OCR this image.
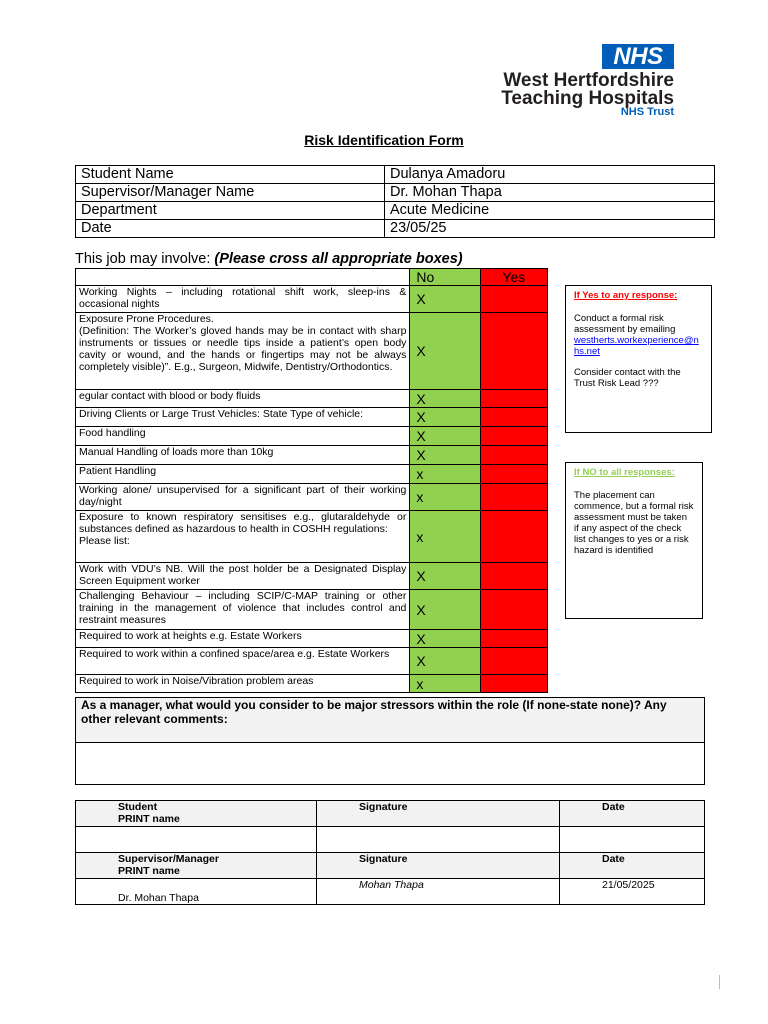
NHS
West Hertfordshire
Teaching Hospitals
NHS Trust
Risk Identification Form
Student Name	Dulanya Amadoru
Supervisor/Manager Name	Dr. Mohan Thapa
Department	Acute Medicine
Date	23/05/25
This job may involve: (Please cross all appropriate boxes)
	No	Yes
Working Nights – including rotational shift work, sleep-ins & occasional nights	X	
Exposure Prone Procedures.
(Definition: The Worker’s gloved hands may be in contact with sharp instruments or tissues or needle tips inside a patient’s open body cavity or wound, and the hands or fingertips may not be always completely visible)”. E.g., Surgeon, Midwife, Dentistry/Orthodontics.	X	
egular contact with blood or body fluids	X	
Driving Clients or Large Trust Vehicles: State Type of vehicle:	X	
Food handling	X	
Manual Handling of loads more than 10kg	X	
Patient Handling	x	
Working alone/ unsupervised for a significant part of their working day/night	x	
Exposure to known respiratory sensitises e.g., glutaraldehyde or substances defined as hazardous to health in COSHH regulations:
Please list:	x	
Work with VDU’s NB. Will the post holder be a Designated Display Screen Equipment worker	X	
Challenging Behaviour – including SCIP/C-MAP training or other training in the management of violence that includes control and restraint measures	X	
Required to work at heights e.g. Estate Workers	X	
Required to work within a confined space/area e.g. Estate Workers	X	
Required to work in Noise/Vibration problem areas	x	
If Yes to any response:

Conduct a formal risk assessment by emailing
westherts.workexperience@nhs.net

Consider contact with the Trust Risk Lead ???

If NO to all responses:

The placement can commence, but a formal risk assessment must be taken if any aspect of the check list changes to yes or a risk hazard is identified

As a manager, what would you consider to be major stressors within the role (If none-state none)? Any other relevant comments:
Student
PRINT name	Signature	Date

Supervisor/Manager
PRINT name	Signature	Date
Dr. Mohan Thapa	Mohan Thapa	21/05/2025
